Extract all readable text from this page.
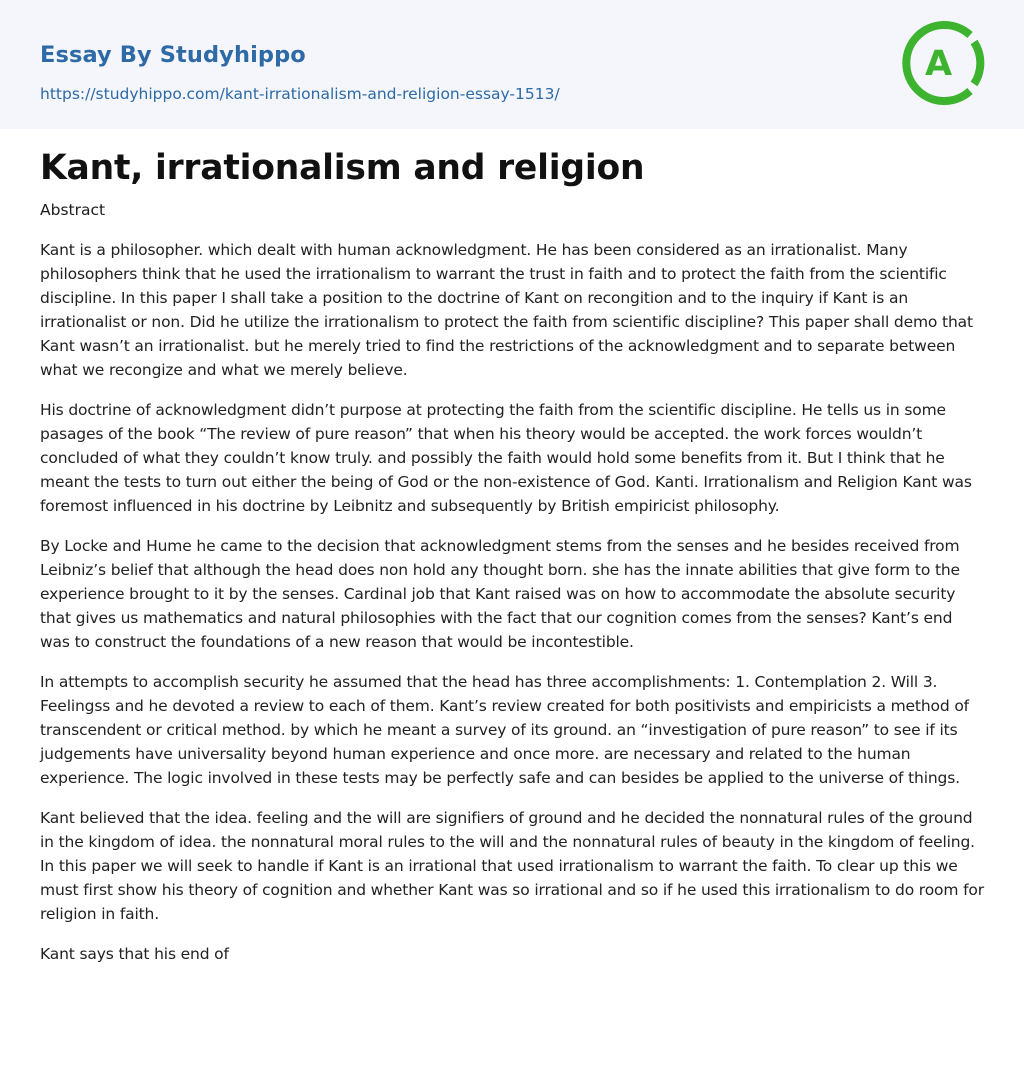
Essay By Studyhippo
https://studyhippo.com/kant-irrationalism-and-religion-essay-1513/
A
Kant, irrationalism and religion
Abstract

Kant is a philosopher. which dealt with human acknowledgment. He has been considered as an irrationalist. Many philosophers think that he used the irrationalism to warrant the trust in faith and to protect the faith from the scientific discipline. In this paper I shall take a position to the doctrine of Kant on recongition and to the inquiry if Kant is an irrationalist or non. Did he utilize the irrationalism to protect the faith from scientific discipline? This paper shall demo that Kant wasn’t an irrationalist. but he merely tried to find the restrictions of the acknowledgment and to separate between what we recongize and what we merely believe.

His doctrine of acknowledgment didn’t purpose at protecting the faith from the scientific discipline. He tells us in some pasages of the book “The review of pure reason” that when his theory would be accepted. the work forces wouldn’t concluded of what they couldn’t know truly. and possibly the faith would hold some benefits from it. But I think that he meant the tests to turn out either the being of God or the non-existence of God. Kanti. Irrationalism and Religion Kant was foremost influenced in his doctrine by Leibnitz and subsequently by British empiricist philosophy.

By Locke and Hume he came to the decision that acknowledgment stems from the senses and he besides received from Leibniz’s belief that although the head does non hold any thought born. she has the innate abilities that give form to the experience brought to it by the senses. Cardinal job that Kant raised was on how to accommodate the absolute security that gives us mathematics and natural philosophies with the fact that our cognition comes from the senses? Kant’s end was to construct the foundations of a new reason that would be incontestible.

In attempts to accomplish security he assumed that the head has three accomplishments: 1. Contemplation 2. Will 3. Feelingss and he devoted a review to each of them. Kant’s review created for both positivists and empiricists a method of transcendent or critical method. by which he meant a survey of its ground. an “investigation of pure reason” to see if its judgements have universality beyond human experience and once more. are necessary and related to the human experience. The logic involved in these tests may be perfectly safe and can besides be applied to the universe of things.

Kant believed that the idea. feeling and the will are signifiers of ground and he decided the nonnatural rules of the ground in the kingdom of idea. the nonnatural moral rules to the will and the nonnatural rules of beauty in the kingdom of feeling. In this paper we will seek to handle if Kant is an irrational that used irrationalism to warrant the faith. To clear up this we must first show his theory of cognition and whether Kant was so irrational and so if he used this irrationalism to do room for religion in faith.

Kant says that his end of
